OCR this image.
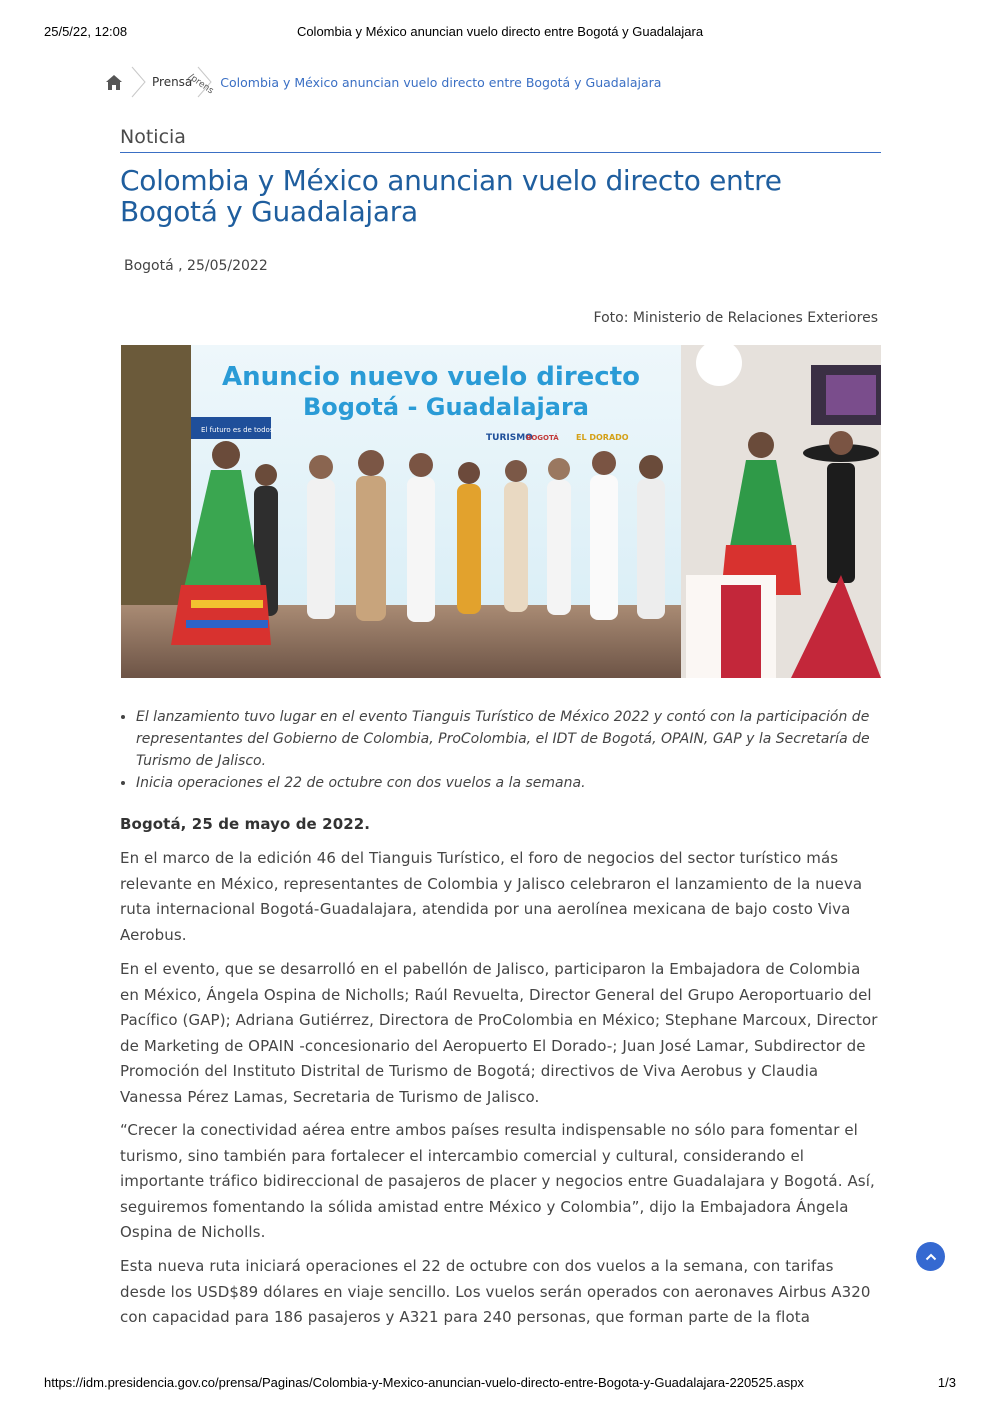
25/5/22, 12:08	Colombia y México anuncian vuelo directo entre Bogotá y Guadalajara
Prensa
/prens Colombia y México anuncian vuelo directo entre Bogotá y Guadalajara
Noticia
Colombia y México anuncian vuelo directo entre Bogotá y Guadalajara
Bogotá , 25/05/2022
Foto: Ministerio de Relaciones Exteriores
Anuncio nuevo vuelo directo
Bogotá - Guadalajara
El futuro es de todos
TURISMO
BOGOTÁ EL DORADO
• El lanzamiento tuvo lugar en el evento Tianguis Turístico de México 2022 y contó con la participación de representantes del Gobierno de Colombia, ProColombia, el IDT de Bogotá, OPAIN, GAP y la Secretaría de Turismo de Jalisco.
• Inicia operaciones el 22 de octubre con dos vuelos a la semana.

Bogotá, 25 de mayo de 2022.

En el marco de la edición 46 del Tianguis Turístico, el foro de negocios del sector turístico más relevante en México, representantes de Colombia y Jalisco celebraron el lanzamiento de la nueva ruta internacional Bogotá-Guadalajara, atendida por una aerolínea mexicana de bajo costo Viva Aerobus.

En el evento, que se desarrolló en el pabellón de Jalisco, participaron la Embajadora de Colombia en México, Ángela Ospina de Nicholls; Raúl Revuelta, Director General del Grupo Aeroportuario del Pacífico (GAP); Adriana Gutiérrez, Directora de ProColombia en México; Stephane Marcoux, Director de Marketing de OPAIN -concesionario del Aeropuerto El Dorado-; Juan José Lamar, Subdirector de Promoción del Instituto Distrital de Turismo de Bogotá; directivos de Viva Aerobus y Claudia Vanessa Pérez Lamas, Secretaria de Turismo de Jalisco.

“Crecer la conectividad aérea entre ambos países resulta indispensable no sólo para fomentar el turismo, sino también para fortalecer el intercambio comercial y cultural, considerando el importante tráfico bidireccional de pasajeros de placer y negocios entre Guadalajara y Bogotá. Así, seguiremos fomentando la sólida amistad entre México y Colombia”, dijo la Embajadora Ángela Ospina de Nicholls.

Esta nueva ruta iniciará operaciones el 22 de octubre con dos vuelos a la semana, con tarifas desde los USD$89 dólares en viaje sencillo. Los vuelos serán operados con aeronaves Airbus A320 con capacidad para 186 pasajeros y A321 para 240 personas, que forman parte de la flota

https://idm.presidencia.gov.co/prensa/Paginas/Colombia-y-Mexico-anuncian-vuelo-directo-entre-Bogota-y-Guadalajara-220525.aspx	1/3
